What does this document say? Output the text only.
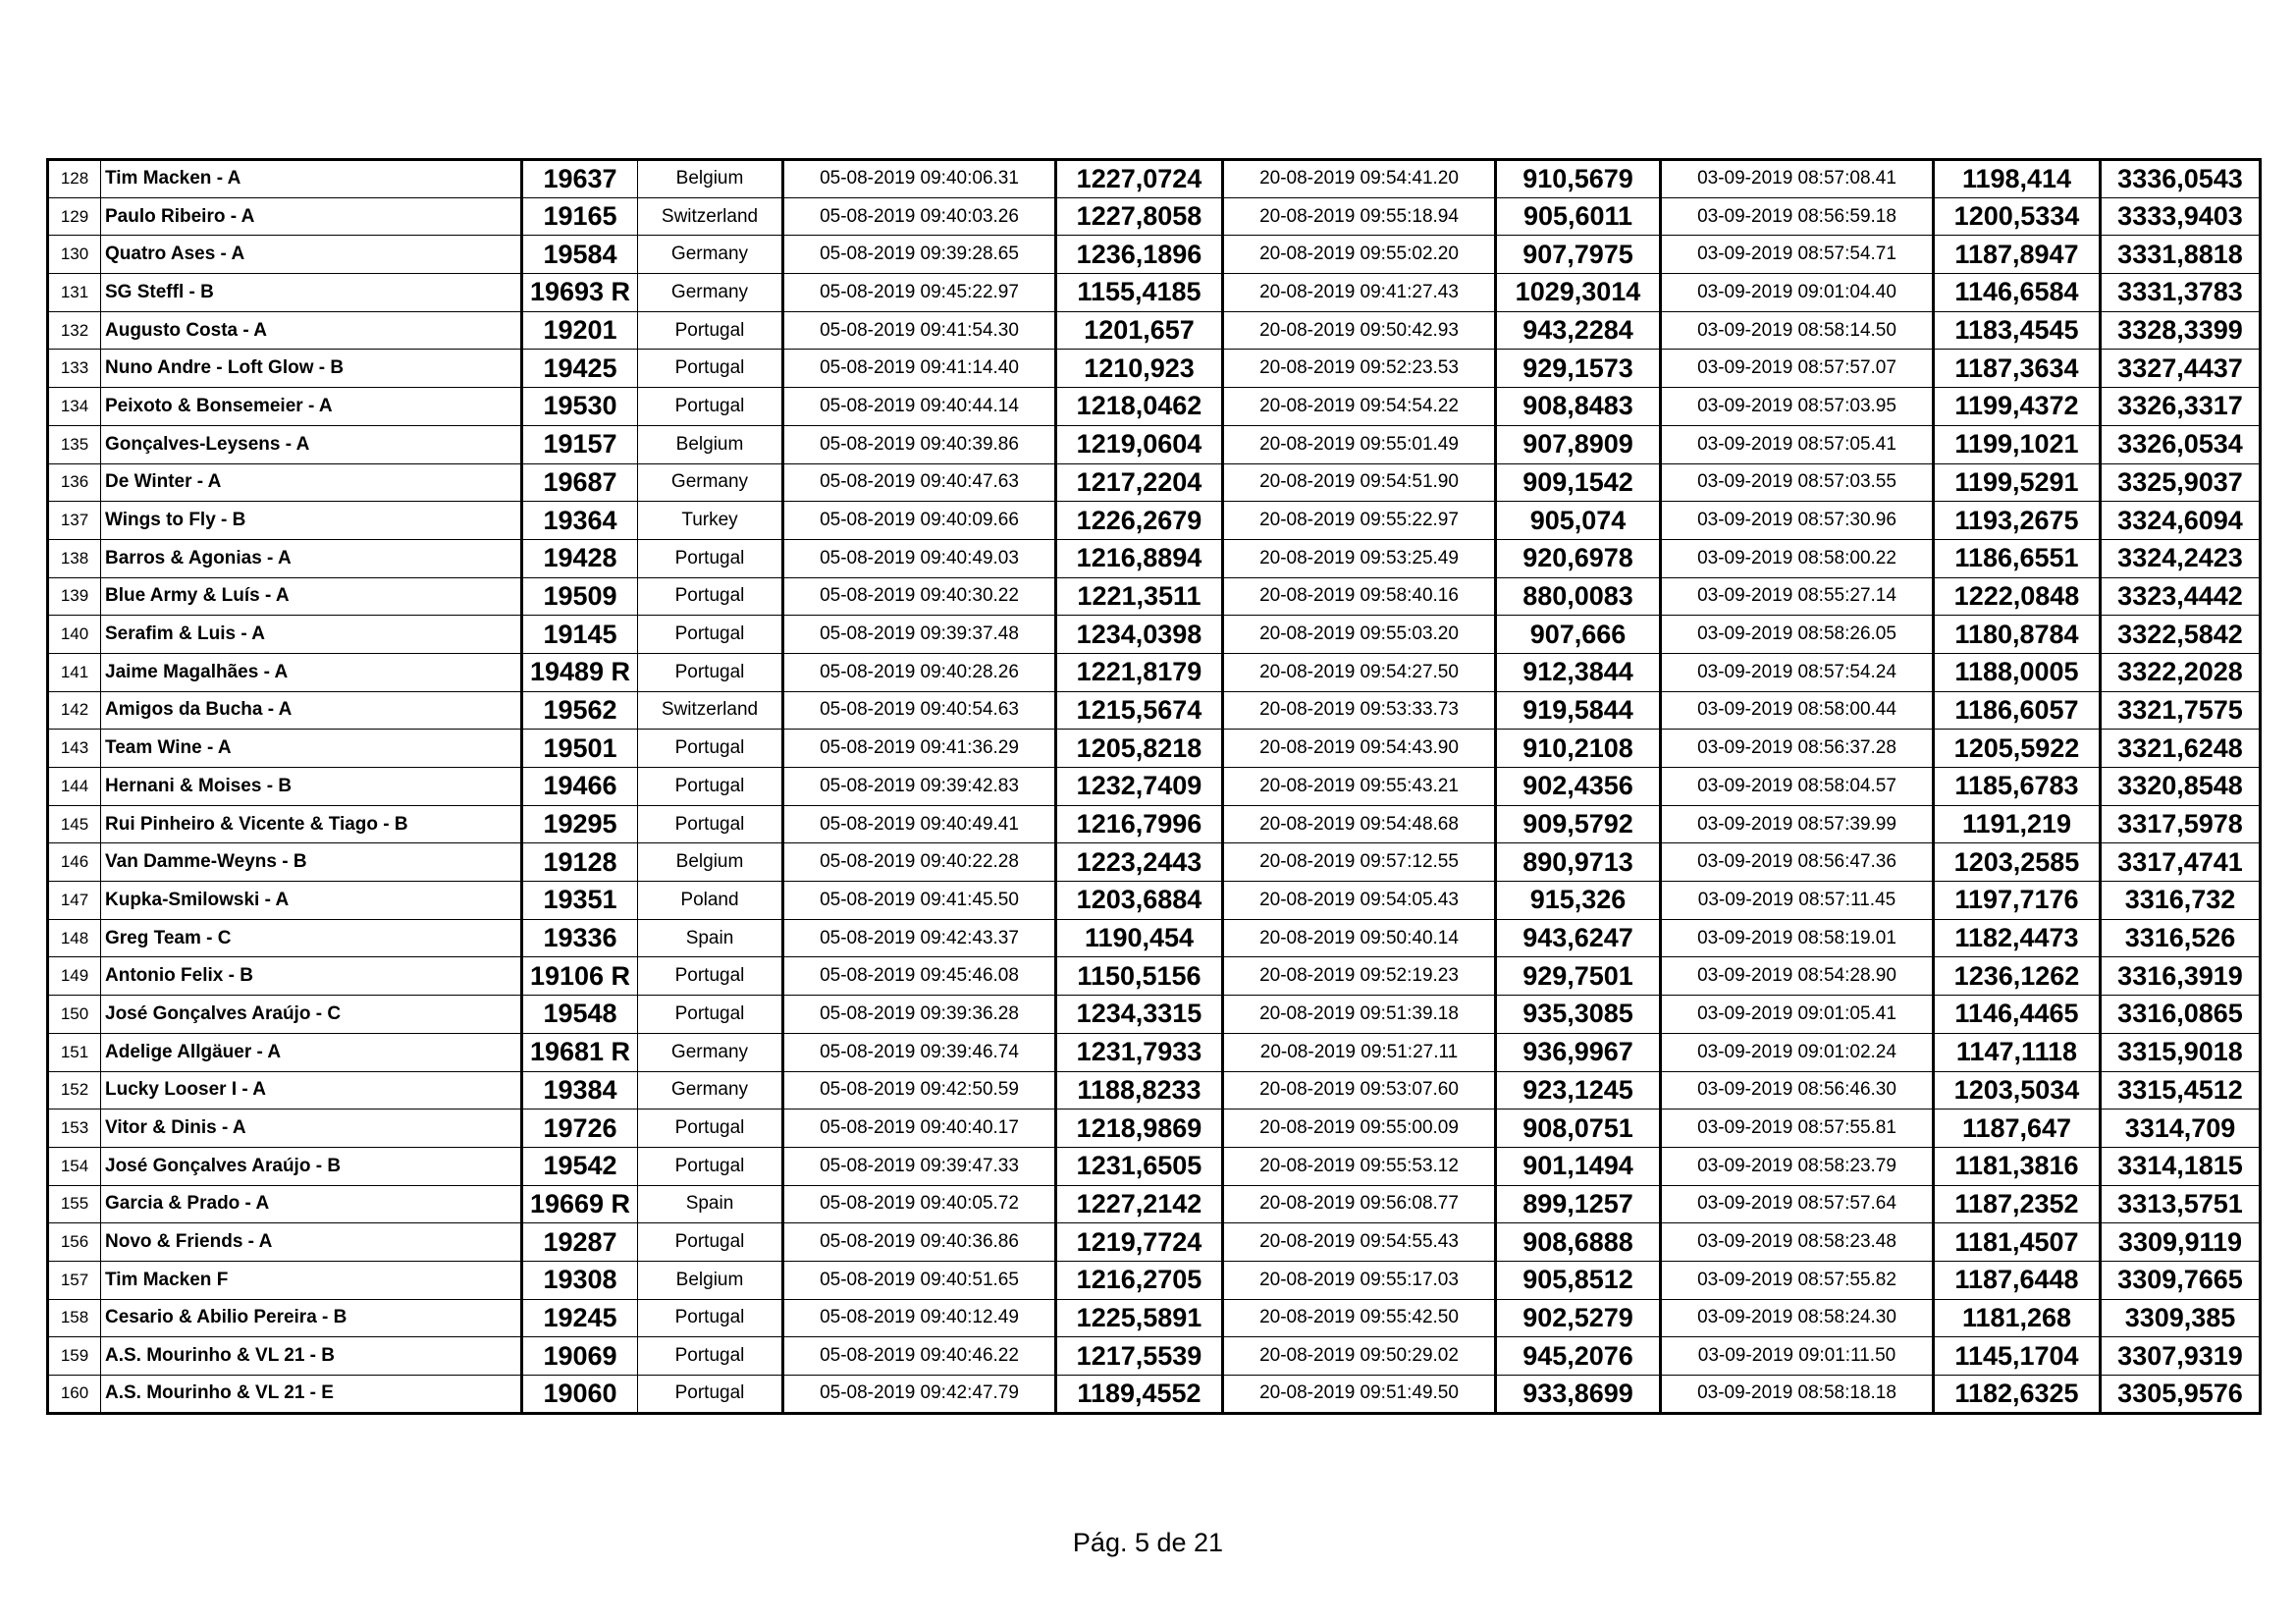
128	Tim Macken - A	19637	Belgium	05-08-2019 09:40:06.31	1227,0724	20-08-2019 09:54:41.20	910,5679	03-09-2019 08:57:08.41	1198,414	3336,0543
129	Paulo Ribeiro - A	19165	Switzerland	05-08-2019 09:40:03.26	1227,8058	20-08-2019 09:55:18.94	905,6011	03-09-2019 08:56:59.18	1200,5334	3333,9403
130	Quatro Ases - A	19584	Germany	05-08-2019 09:39:28.65	1236,1896	20-08-2019 09:55:02.20	907,7975	03-09-2019 08:57:54.71	1187,8947	3331,8818
131	SG Steffl - B	19693 R	Germany	05-08-2019 09:45:22.97	1155,4185	20-08-2019 09:41:27.43	1029,3014	03-09-2019 09:01:04.40	1146,6584	3331,3783
132	Augusto Costa - A	19201	Portugal	05-08-2019 09:41:54.30	1201,657	20-08-2019 09:50:42.93	943,2284	03-09-2019 08:58:14.50	1183,4545	3328,3399
133	Nuno Andre - Loft Glow - B	19425	Portugal	05-08-2019 09:41:14.40	1210,923	20-08-2019 09:52:23.53	929,1573	03-09-2019 08:57:57.07	1187,3634	3327,4437
134	Peixoto & Bonsemeier - A	19530	Portugal	05-08-2019 09:40:44.14	1218,0462	20-08-2019 09:54:54.22	908,8483	03-09-2019 08:57:03.95	1199,4372	3326,3317
135	Gonçalves-Leysens - A	19157	Belgium	05-08-2019 09:40:39.86	1219,0604	20-08-2019 09:55:01.49	907,8909	03-09-2019 08:57:05.41	1199,1021	3326,0534
136	De Winter - A	19687	Germany	05-08-2019 09:40:47.63	1217,2204	20-08-2019 09:54:51.90	909,1542	03-09-2019 08:57:03.55	1199,5291	3325,9037
137	Wings to Fly - B	19364	Turkey	05-08-2019 09:40:09.66	1226,2679	20-08-2019 09:55:22.97	905,074	03-09-2019 08:57:30.96	1193,2675	3324,6094
138	Barros & Agonias - A	19428	Portugal	05-08-2019 09:40:49.03	1216,8894	20-08-2019 09:53:25.49	920,6978	03-09-2019 08:58:00.22	1186,6551	3324,2423
139	Blue Army & Luís - A	19509	Portugal	05-08-2019 09:40:30.22	1221,3511	20-08-2019 09:58:40.16	880,0083	03-09-2019 08:55:27.14	1222,0848	3323,4442
140	Serafim & Luis - A	19145	Portugal	05-08-2019 09:39:37.48	1234,0398	20-08-2019 09:55:03.20	907,666	03-09-2019 08:58:26.05	1180,8784	3322,5842
141	Jaime Magalhães - A	19489 R	Portugal	05-08-2019 09:40:28.26	1221,8179	20-08-2019 09:54:27.50	912,3844	03-09-2019 08:57:54.24	1188,0005	3322,2028
142	Amigos da Bucha - A	19562	Switzerland	05-08-2019 09:40:54.63	1215,5674	20-08-2019 09:53:33.73	919,5844	03-09-2019 08:58:00.44	1186,6057	3321,7575
143	Team Wine - A	19501	Portugal	05-08-2019 09:41:36.29	1205,8218	20-08-2019 09:54:43.90	910,2108	03-09-2019 08:56:37.28	1205,5922	3321,6248
144	Hernani & Moises - B	19466	Portugal	05-08-2019 09:39:42.83	1232,7409	20-08-2019 09:55:43.21	902,4356	03-09-2019 08:58:04.57	1185,6783	3320,8548
145	Rui Pinheiro & Vicente & Tiago - B	19295	Portugal	05-08-2019 09:40:49.41	1216,7996	20-08-2019 09:54:48.68	909,5792	03-09-2019 08:57:39.99	1191,219	3317,5978
146	Van Damme-Weyns - B	19128	Belgium	05-08-2019 09:40:22.28	1223,2443	20-08-2019 09:57:12.55	890,9713	03-09-2019 08:56:47.36	1203,2585	3317,4741
147	Kupka-Smilowski - A	19351	Poland	05-08-2019 09:41:45.50	1203,6884	20-08-2019 09:54:05.43	915,326	03-09-2019 08:57:11.45	1197,7176	3316,732
148	Greg Team - C	19336	Spain	05-08-2019 09:42:43.37	1190,454	20-08-2019 09:50:40.14	943,6247	03-09-2019 08:58:19.01	1182,4473	3316,526
149	Antonio Felix - B	19106 R	Portugal	05-08-2019 09:45:46.08	1150,5156	20-08-2019 09:52:19.23	929,7501	03-09-2019 08:54:28.90	1236,1262	3316,3919
150	José Gonçalves Araújo - C	19548	Portugal	05-08-2019 09:39:36.28	1234,3315	20-08-2019 09:51:39.18	935,3085	03-09-2019 09:01:05.41	1146,4465	3316,0865
151	Adelige Allgäuer - A	19681 R	Germany	05-08-2019 09:39:46.74	1231,7933	20-08-2019 09:51:27.11	936,9967	03-09-2019 09:01:02.24	1147,1118	3315,9018
152	Lucky Looser I - A	19384	Germany	05-08-2019 09:42:50.59	1188,8233	20-08-2019 09:53:07.60	923,1245	03-09-2019 08:56:46.30	1203,5034	3315,4512
153	Vitor & Dinis - A	19726	Portugal	05-08-2019 09:40:40.17	1218,9869	20-08-2019 09:55:00.09	908,0751	03-09-2019 08:57:55.81	1187,647	3314,709
154	José Gonçalves Araújo - B	19542	Portugal	05-08-2019 09:39:47.33	1231,6505	20-08-2019 09:55:53.12	901,1494	03-09-2019 08:58:23.79	1181,3816	3314,1815
155	Garcia & Prado - A	19669 R	Spain	05-08-2019 09:40:05.72	1227,2142	20-08-2019 09:56:08.77	899,1257	03-09-2019 08:57:57.64	1187,2352	3313,5751
156	Novo & Friends - A	19287	Portugal	05-08-2019 09:40:36.86	1219,7724	20-08-2019 09:54:55.43	908,6888	03-09-2019 08:58:23.48	1181,4507	3309,9119
157	Tim Macken F	19308	Belgium	05-08-2019 09:40:51.65	1216,2705	20-08-2019 09:55:17.03	905,8512	03-09-2019 08:57:55.82	1187,6448	3309,7665
158	Cesario & Abilio Pereira - B	19245	Portugal	05-08-2019 09:40:12.49	1225,5891	20-08-2019 09:55:42.50	902,5279	03-09-2019 08:58:24.30	1181,268	3309,385
159	A.S. Mourinho & VL 21 - B	19069	Portugal	05-08-2019 09:40:46.22	1217,5539	20-08-2019 09:50:29.02	945,2076	03-09-2019 09:01:11.50	1145,1704	3307,9319
160	A.S. Mourinho & VL 21 - E	19060	Portugal	05-08-2019 09:42:47.79	1189,4552	20-08-2019 09:51:49.50	933,8699	03-09-2019 08:58:18.18	1182,6325	3305,9576
Pág. 5 de 21
